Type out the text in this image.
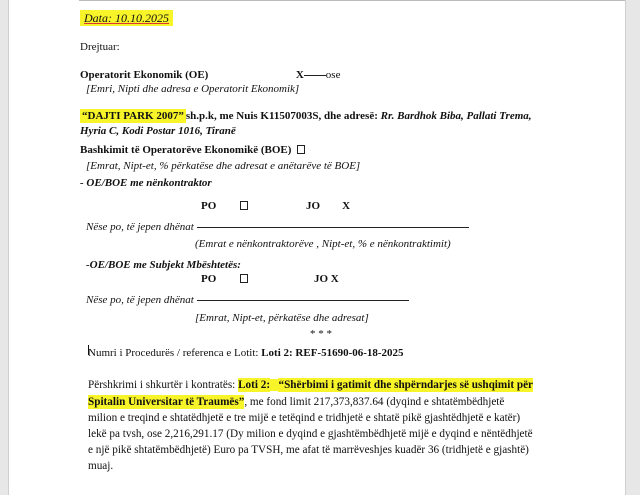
Data: 10.10.2025
Drejtuar:
Operatorit Ekonomik (OE)	X ose
[Emri, Nipti dhe adresa e Operatorit Ekonomik]
“DAJTI PARK 2007” sh.p.k, me Nuis K11507003S, dhe adresë: Rr. Bardhok Biba, Pallati Trema,
Hyria C, Kodi Postar 1016, Tiranë
Bashkimit të Operatorëve Ekonomikë (BOE)
[Emrat, Nipt-et, % përkatëse dhe adresat e anëtarëve të BOE]
- OE/BOE me nënkontraktor
PO	JO X
Nëse po, të jepen dhënat
(Emrat e nënkontraktorëve , Nipt-et, % e nënkontraktimit)
-OE/BOE me Subjekt Mbështetës:
PO	JO X
Nëse po, të jepen dhënat
[Emrat, Nipt-et, përkatëse dhe adresat]
* * *
Numri i Procedurës / referenca e Lotit: Loti 2: REF-51690-06-18-2025
Përshkrimi i shkurtër i kontratës: Loti 2: “Shërbimi i gatimit dhe shpërndarjes së ushqimit për
Spitalin Universitar të Traumës”, me fond limit 217,373,837.64 (dyqind e shtatëmbëdhjetë
milion e treqind e shtatëdhjetë e tre mijë e tetëqind e tridhjetë e shtatë pikë gjashtëdhjetë e katër)
lekë pa tvsh, ose 2,216,291.17 (Dy milion e dyqind e gjashtëmbëdhjetë mijë e dyqind e nëntëdhjetë
e një pikë shtatëmbëdhjetë) Euro pa TVSH, me afat të marrëveshjes kuadër 36 (tridhjetë e gjashtë)
muaj.
